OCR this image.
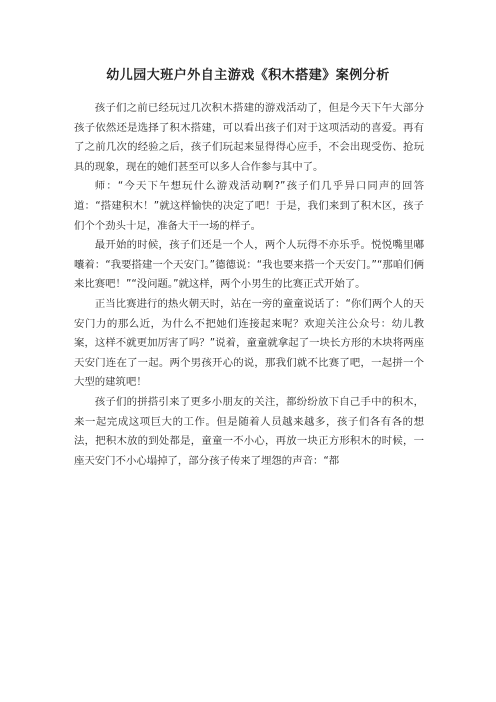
幼儿园大班户外自主游戏《积木搭建》案例分析

孩子们之前已经玩过几次积木搭建的游戏活动了，但是今天下午大部分孩子依然还是选择了积木搭建，可以看出孩子们对于这项活动的喜爱。再有了之前几次的经验之后，孩子们玩起来显得得心应手，不会出现受伤、抢玩具的现象，现在的她们甚至可以多人合作参与其中了。

师：“今天下午想玩什么游戏活动啊?”孩子们几乎异口同声的回答道：“搭建积木！”就这样愉快的决定了吧！于是，我们来到了积木区，孩子们个个劲头十足，准备大干一场的样子。

最开始的时候，孩子们还是一个人，两个人玩得不亦乐乎。悦悦嘴里嘟囔着：“我要搭建一个天安门。”德德说：“我也要来搭一个天安门。”“那咱们俩来比赛吧！”“没问题。”就这样，两个小男生的比赛正式开始了。

正当比赛进行的热火朝天时，站在一旁的童童说话了：“你们两个人的天安门力的那么近，为什么不把她们连接起来呢？欢迎关注公众号：幼儿教案，这样不就更加厉害了吗？”说着，童童就拿起了一块长方形的木块将两座天安门连在了一起。两个男孩开心的说，那我们就不比赛了吧，一起拼一个大型的建筑吧！

孩子们的拼搭引来了更多小朋友的关注，都纷纷放下自己手中的积木，来一起完成这项巨大的工作。但是随着人员越来越多，孩子们各有各的想法，把积木放的到处都是，童童一不小心，再放一块正方形积木的时候，一座天安门不小心塌掉了，部分孩子传来了埋怨的声音：“都
